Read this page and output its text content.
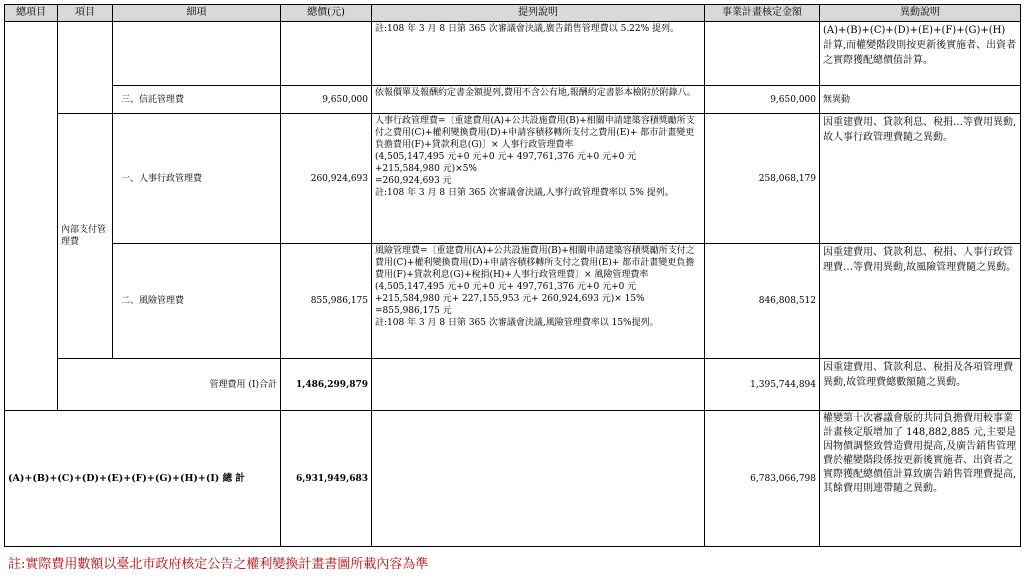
總項目	項目	細項	總價(元)	提列說明	事業計畫核定金額	異動說明
				註:108 年 3 月 8 日第 365 次審議會決議,廣告銷售管理費以 5.22% 提列。		(A)+(B)+(C)+(D)+(E)+(F)+(G)+(H) 計算,而權變階段則按更新後實施者、出資者之實際獲配總價值計算。
		三、信託管理費	9,650,000	依報價單及報酬約定書金額提列,費用不含公有地,報酬約定書影本檢附於附錄八。	9,650,000	無異動
	內部支付管理費	一、人事行政管理費	260,924,693	人事行政管理費=〔重建費用(A)+公共設施費用(B)+相關申請建築容積獎勵所支付之費用(C)+權利變換費用(D)+申請容積移轉所支付之費用(E)+ 都市計畫變更負擔費用(F)+貸款利息(G)〕× 人事行政管理費率
(4,505,147,495 元+0 元+0 元+ 497,761,376 元+0 元+0 元 +215,584,980 元)×5%
=260,924,693 元
註:108 年 3 月 8 日第 365 次審議會決議,人事行政管理費率以 5% 提列。	258,068,179	因重建費用、貸款利息、稅捐…等費用異動,故人事行政管理費隨之異動。
		二、風險管理費	855,986,175	風險管理費=〔重建費用(A)+公共設施費用(B)+相關申請建築容積獎勵所支付之費用(C)+權利變換費用(D)+申請容積移轉所支付之費用(E)+ 都市計畫變更負擔費用(F)+貸款利息(G)+稅捐(H)+人事行政管理費〕× 風險管理費率
(4,505,147,495 元+0 元+0 元+ 497,761,376 元+0 元+0 元+215,584,980 元+ 227,155,953 元+ 260,924,693 元)× 15% =855,986,175 元
註:108 年 3 月 8 日第 365 次審議會決議,風險管理費率以 15%提列。	846,808,512	因重建費用、貸款利息、稅捐、人事行政管理費…等費用異動,故風險管理費隨之異動。
	管理費用 (I)合計		1,486,299,879		1,395,744,894	因重建費用、貸款利息、稅捐及各項管理費異動,故管理費總數額隨之異動。
(A)+(B)+(C)+(D)+(E)+(F)+(G)+(H)+(I) 總 計			6,931,949,683		6,783,066,798	權變第十次審議會版的共同負擔費用較事業計畫核定版增加了 148,882,885 元,主要是因物價調整致營造費用提高,及廣告銷售管理費於權變階段係按更新後實施者、出資者之實際獲配總價值計算致廣告銷售管理費提高,其餘費用則連帶隨之異動。
註:實際費用數額以臺北市政府核定公告之權利變換計畫書圖所載內容為準
